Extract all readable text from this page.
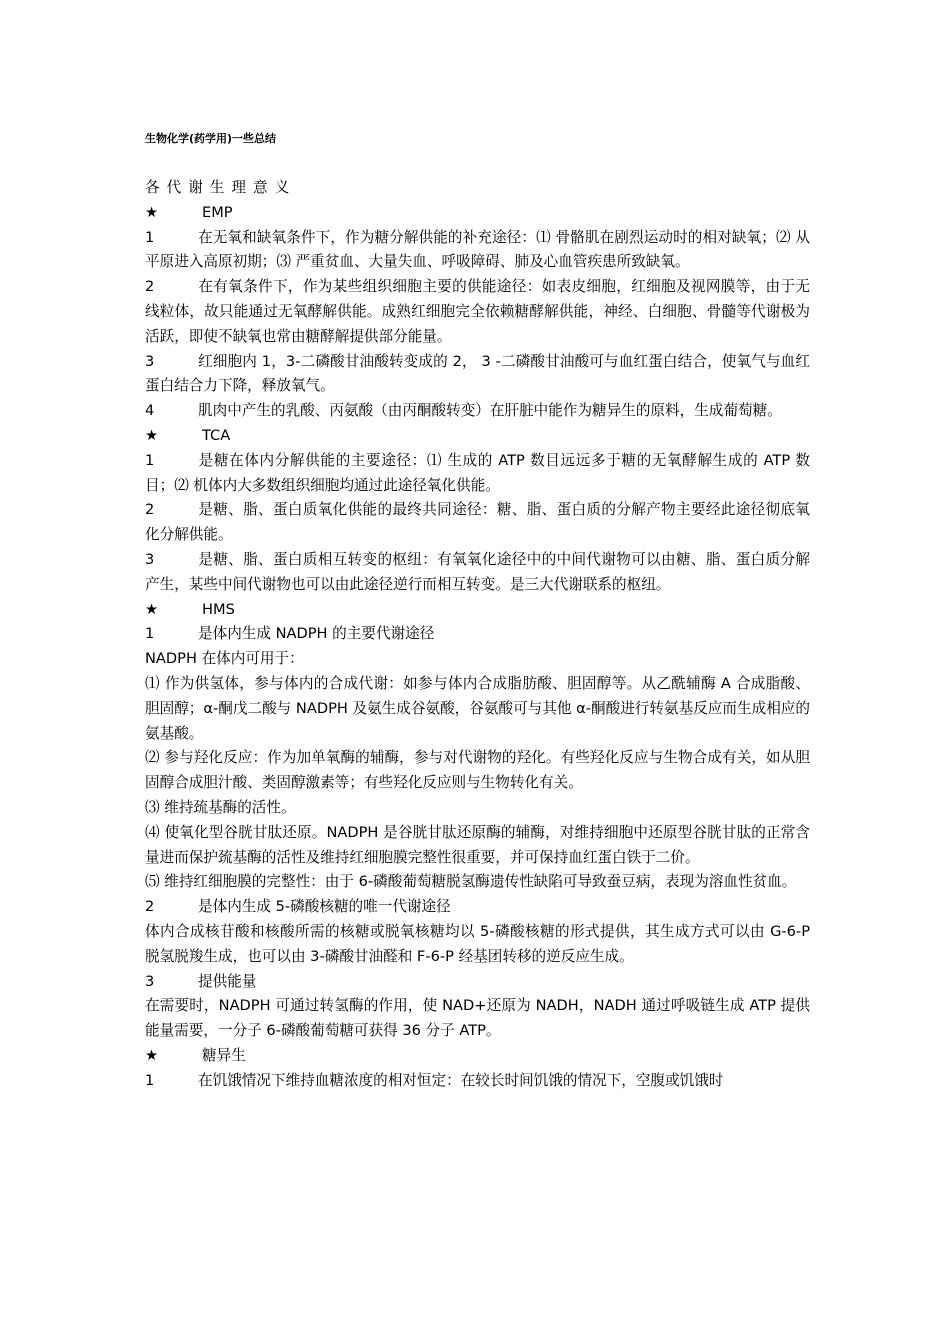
生物化学(药学用)一些总结

各代谢生理意义

★	EMP

1	在无氧和缺氧条件下，作为糖分解供能的补充途径：⑴ 骨骼肌在剧烈运动时的相对缺氧；⑵ 从平原进入高原初期；⑶ 严重贫血、大量失血、呼吸障碍、肺及心血管疾患所致缺氧。

2	在有氧条件下，作为某些组织细胞主要的供能途径：如表皮细胞，红细胞及视网膜等，由于无线粒体，故只能通过无氧酵解供能。成熟红细胞完全依赖糖酵解供能，神经、白细胞、骨髓等代谢极为活跃，即使不缺氧也常由糖酵解提供部分能量。

3	红细胞内 1，3-二磷酸甘油酸转变成的 2， 3 -二磷酸甘油酸可与血红蛋白结合，使氧气与血红蛋白结合力下降，释放氧气。

4	肌肉中产生的乳酸、丙氨酸（由丙酮酸转变）在肝脏中能作为糖异生的原料，生成葡萄糖。

★	TCA

1	是糖在体内分解供能的主要途径：⑴ 生成的 ATP 数目远远多于糖的无氧酵解生成的 ATP 数目；⑵ 机体内大多数组织细胞均通过此途径氧化供能。

2	是糖、脂、蛋白质氧化供能的最终共同途径：糖、脂、蛋白质的分解产物主要经此途径彻底氧化分解供能。

3	是糖、脂、蛋白质相互转变的枢纽：有氧氧化途径中的中间代谢物可以由糖、脂、蛋白质分解产生，某些中间代谢物也可以由此途径逆行而相互转变。是三大代谢联系的枢纽。

★	HMS

1	是体内生成 NADPH 的主要代谢途径

NADPH 在体内可用于：

⑴ 作为供氢体，参与体内的合成代谢：如参与体内合成脂肪酸、胆固醇等。从乙酰辅酶 A 合成脂酸、胆固醇；α-酮戊二酸与 NADPH 及氨生成谷氨酸，谷氨酸可与其他 α-酮酸进行转氨基反应而生成相应的氨基酸。

⑵ 参与羟化反应：作为加单氧酶的辅酶，参与对代谢物的羟化。有些羟化反应与生物合成有关，如从胆固醇合成胆汁酸、类固醇激素等；有些羟化反应则与生物转化有关。

⑶ 维持巯基酶的活性。

⑷ 使氧化型谷胱甘肽还原。NADPH 是谷胱甘肽还原酶的辅酶，对维持细胞中还原型谷胱甘肽的正常含量进而保护巯基酶的活性及维持红细胞膜完整性很重要，并可保持血红蛋白铁于二价。

⑸ 维持红细胞膜的完整性：由于 6-磷酸葡萄糖脱氢酶遗传性缺陷可导致蚕豆病，表现为溶血性贫血。

2	是体内生成 5-磷酸核糖的唯一代谢途径

体内合成核苷酸和核酸所需的核糖或脱氧核糖均以 5-磷酸核糖的形式提供，其生成方式可以由 G-6-P 脱氢脱羧生成，也可以由 3-磷酸甘油醛和 F-6-P 经基团转移的逆反应生成。

3	提供能量

在需要时，NADPH 可通过转氢酶的作用，使 NAD+还原为 NADH，NADH 通过呼吸链生成 ATP 提供能量需要，一分子 6-磷酸葡萄糖可获得 36 分子 ATP。

★	糖异生

1	在饥饿情况下维持血糖浓度的相对恒定：在较长时间饥饿的情况下，空腹或饥饿时
